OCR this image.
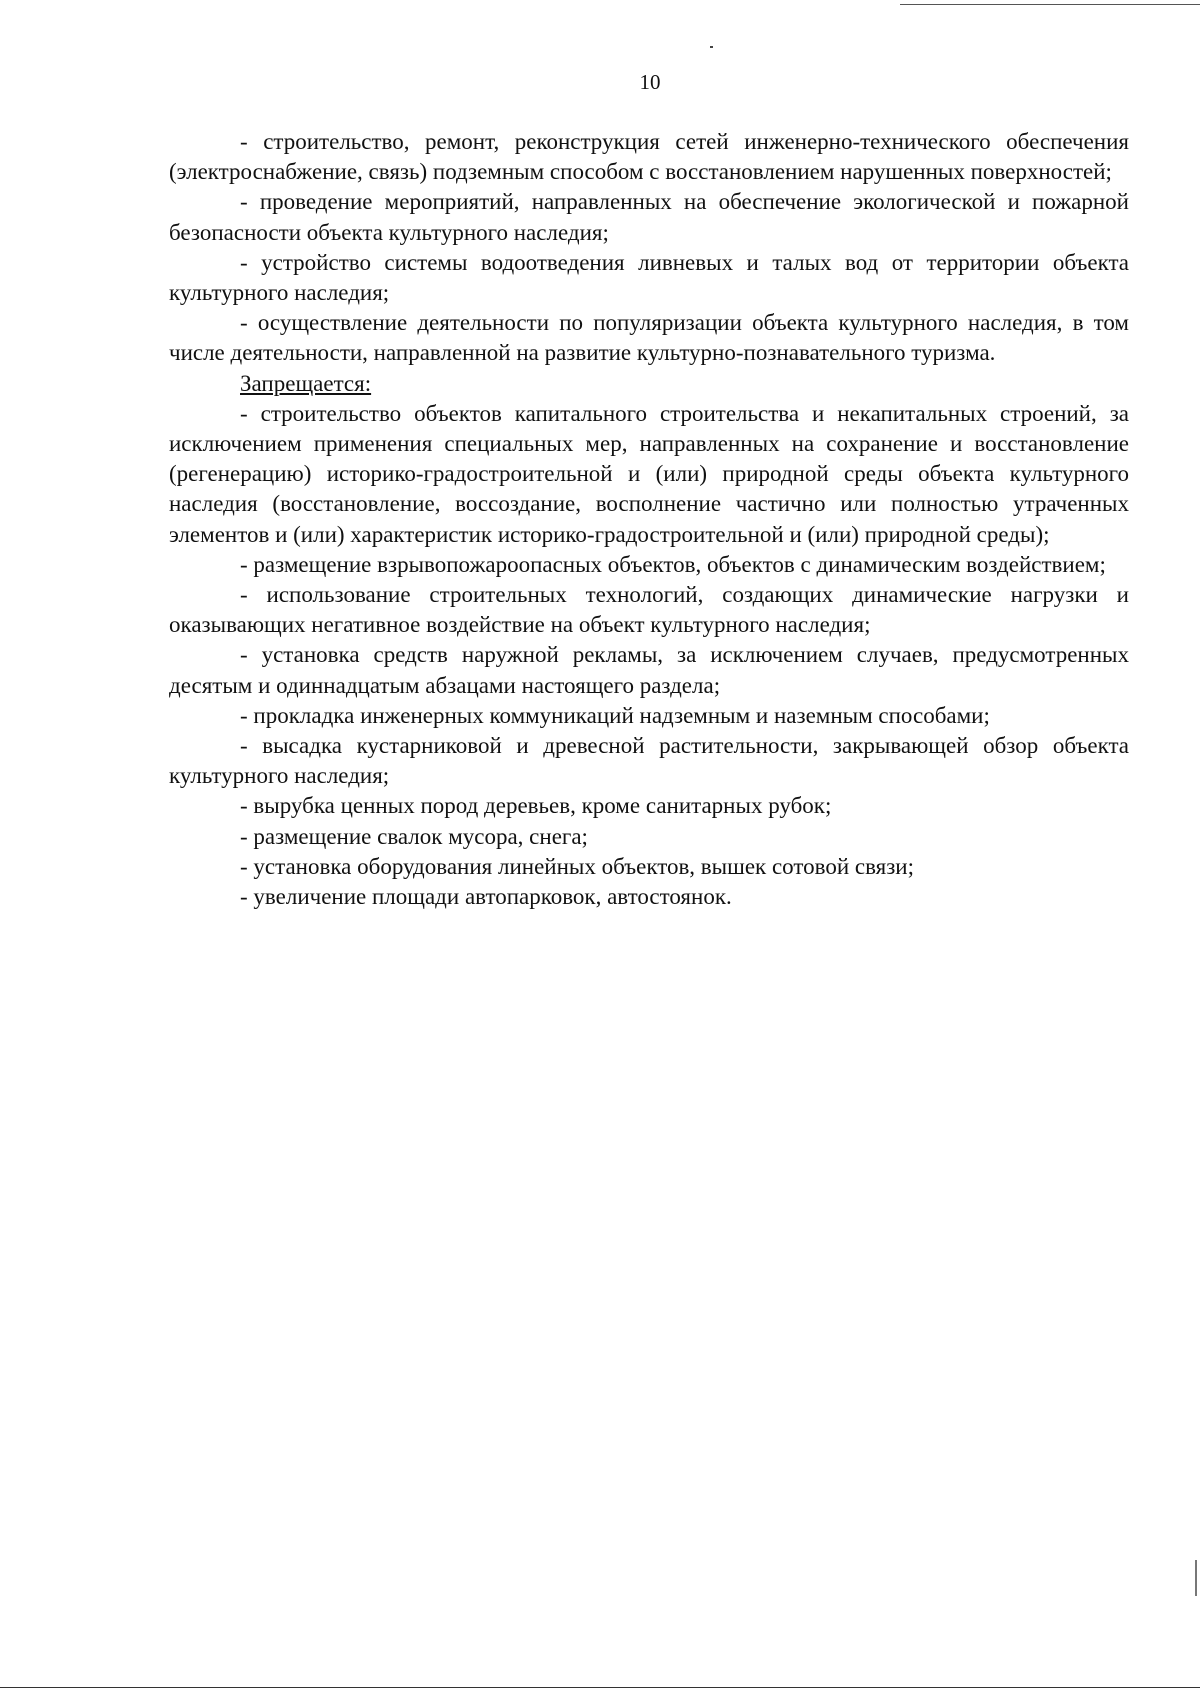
10

- строительство, ремонт, реконструкция сетей инженерно-технического обеспечения (электроснабжение, связь) подземным способом с восстановлением нарушенных поверхностей;

- проведение мероприятий, направленных на обеспечение экологической и пожарной безопасности объекта культурного наследия;

- устройство системы водоотведения ливневых и талых вод от территории объекта культурного наследия;

- осуществление деятельности по популяризации объекта культурного наследия, в том числе деятельности, направленной на развитие культурно-познавательного туризма.

Запрещается:

- строительство объектов капитального строительства и некапитальных строений, за исключением применения специальных мер, направленных на сохранение и восстановление (регенерацию) историко-градостроительной и (или) природной среды объекта культурного наследия (восстановление, воссоздание, восполнение частично или полностью утраченных элементов и (или) характеристик историко-градостроительной и (или) природной среды);

- размещение взрывопожароопасных объектов, объектов с динамическим воздействием;

- использование строительных технологий, создающих динамические нагрузки и оказывающих негативное воздействие на объект культурного наследия;

- установка средств наружной рекламы, за исключением случаев, предусмотренных десятым и одиннадцатым абзацами настоящего раздела;

- прокладка инженерных коммуникаций надземным и наземным способами;

- высадка кустарниковой и древесной растительности, закрывающей обзор объекта культурного наследия;

- вырубка ценных пород деревьев, кроме санитарных рубок;

- размещение свалок мусора, снега;

- установка оборудования линейных объектов, вышек сотовой связи;

- увеличение площади автопарковок, автостоянок.
